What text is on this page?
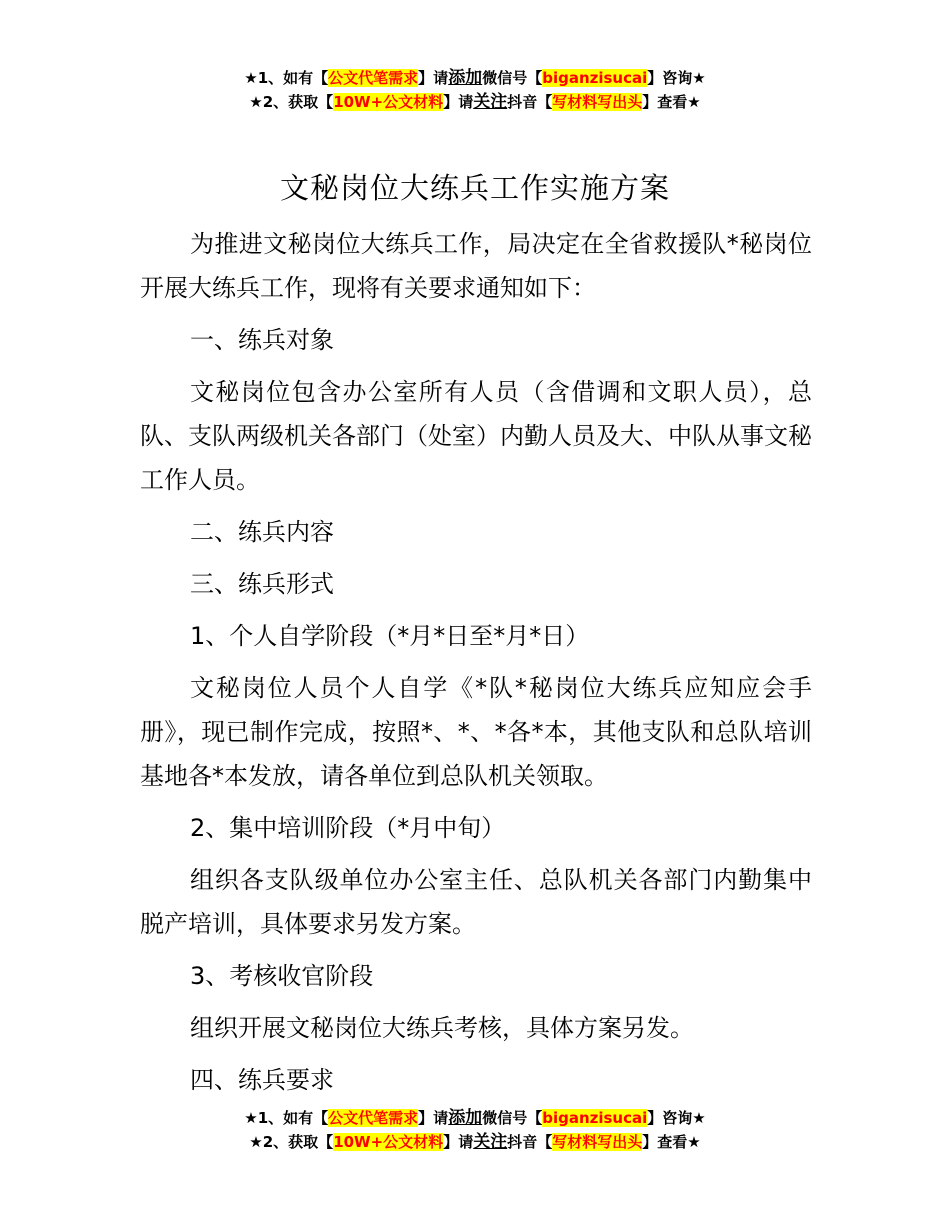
★1、如有【公文代笔需求】请添加微信号【biganzisucai】咨询★
★2、获取【10W+公文材料】请关注抖音【写材料写出头】查看★
文秘岗位大练兵工作实施方案

为推进文秘岗位大练兵工作，局决定在全省救援队*秘岗位开展大练兵工作，现将有关要求通知如下：

一、练兵对象

文秘岗位包含办公室所有人员（含借调和文职人员），总队、支队两级机关各部门（处室）内勤人员及大、中队从事文秘工作人员。

二、练兵内容

三、练兵形式

1、个人自学阶段（*月*日至*月*日）

文秘岗位人员个人自学《*队*秘岗位大练兵应知应会手册》，现已制作完成，按照*、*、*各*本，其他支队和总队培训基地各*本发放，请各单位到总队机关领取。

2、集中培训阶段（*月中旬）

组织各支队级单位办公室主任、总队机关各部门内勤集中脱产培训，具体要求另发方案。

3、考核收官阶段

组织开展文秘岗位大练兵考核，具体方案另发。

四、练兵要求

★1、如有【公文代笔需求】请添加微信号【biganzisucai】咨询★
★2、获取【10W+公文材料】请关注抖音【写材料写出头】查看★
